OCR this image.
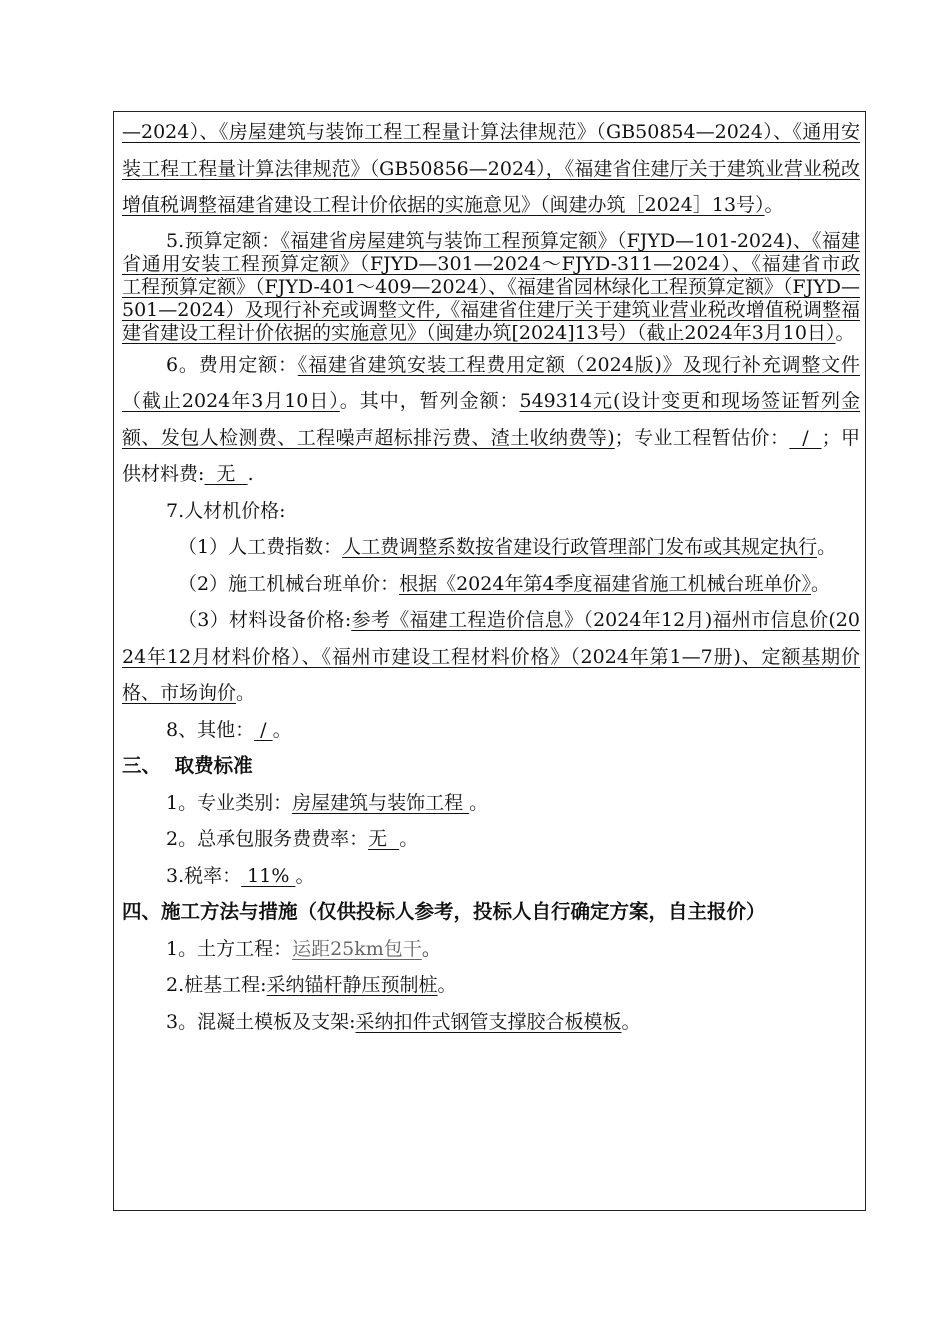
—2024）、《房屋建筑与装饰工程工程量计算法律规范》（GB50854—2024）、《通用安装工程工程量计算法律规范》（GB50856—2024），《福建省住建厅关于建筑业营业税改增值税调整福建省建设工程计价依据的实施意见》（闽建办筑［2024］13号）。

5.预算定额：《福建省房屋建筑与装饰工程预算定额》（FJYD—101-2024)、《福建省通用安装工程预算定额》（FJYD—301—2024～FJYD-311—2024）、《福建省市政工程预算定额》（FJYD-401～409—2024）、《福建省园林绿化工程预算定额》（FJYD—501—2024）及现行补充或调整文件,《福建省住建厅关于建筑业营业税改增值税调整福建省建设工程计价依据的实施意见》（闽建办筑[2024]13号）（截止2024年3月10日）。

6。费用定额：《福建省建筑安装工程费用定额（2024版)》及现行补充调整文件（截止2024年3月10日）。其中，暂列金额：549314元(设计变更和现场签证暂列金额、发包人检测费、工程噪声超标排污费、渣土收纳费等)；专业工程暂估价：  /  ；甲供材料费:  无  .

7.人材机价格:

（1）人工费指数：人工费调整系数按省建设行政管理部门发布或其规定执行。

（2）施工机械台班单价：根据《2024年第4季度福建省施工机械台班单价》。

（3）材料设备价格:参考《福建工程造价信息》（2024年12月)福州市信息价(2024年12月材料价格）、《福州市建设工程材料价格》（2024年第1—7册)、定额基期价格、市场询价。

8、其他： / 。

三、  取费标准

1。专业类别：房屋建筑与装饰工程 。

2。总承包服务费费率：无  。

3.税率： 11% 。

四、施工方法与措施（仅供投标人参考，投标人自行确定方案，自主报价）

1。土方工程：运距25km包干。

2.桩基工程:采纳锚杆静压预制桩。

3。混凝土模板及支架:采纳扣件式钢管支撑胶合板模板。
